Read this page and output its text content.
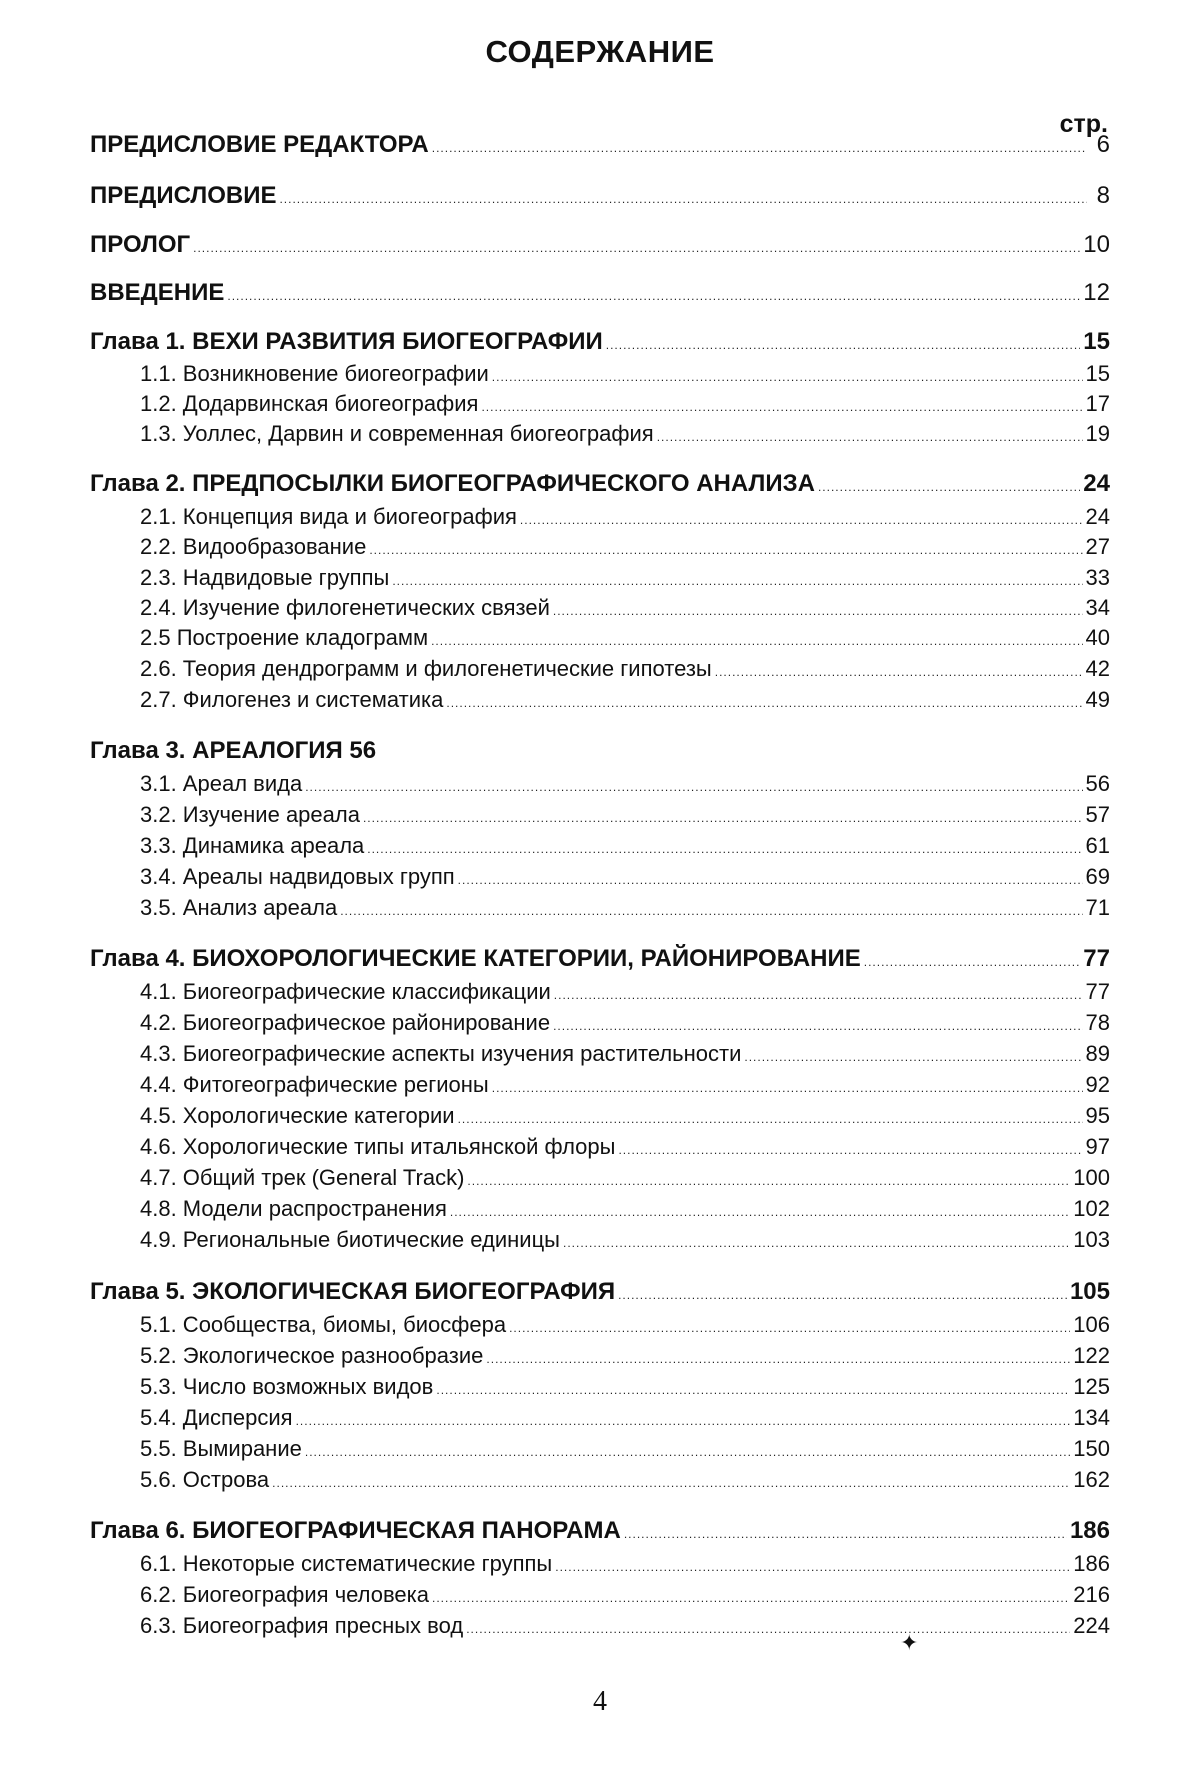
СОДЕРЖАНИЕ
стр.
ПРЕДИСЛОВИЕ РЕДАКТОРА
.....	6
ПРЕДИСЛОВИЕ
.....	8
ПРОЛОГ
.....	10
ВВЕДЕНИЕ
.....	12
Глава 1. ВЕХИ РАЗВИТИЯ БИОГЕОГРАФИИ
.....	15
1.1. Возникновение биогеографии
.....	15
1.2. Додарвинская биогеография
.....	17
1.3. Уоллес, Дарвин и современная биогеография
.....	19
Глава 2. ПРЕДПОСЫЛКИ БИОГЕОГРАФИЧЕСКОГО АНАЛИЗА
.....	24
2.1. Концепция вида и биогеография
.....	24
2.2. Видообразование
.....	27
2.3. Надвидовые группы
.....	33
2.4. Изучение филогенетических связей
.....	34
2.5 Построение кладограмм
.....	40
2.6. Теория дендрограмм и филогенетические гипотезы
.....	42
2.7. Филогенез и систематика
.....	49
Глава 3. АРЕАЛОГИЯ 56
3.1. Ареал вида
.....	56
3.2. Изучение ареала
.....	57
3.3. Динамика ареала
.....	61
3.4. Ареалы надвидовых групп
.....	69
3.5. Анализ ареала
.....	71
Глава 4. БИОХОРОЛОГИЧЕСКИЕ КАТЕГОРИИ, РАЙОНИРОВАНИЕ
.....	77
4.1. Биогеографические классификации
.....	77
4.2. Биогеографическое районирование
.....	78
4.3. Биогеографические аспекты изучения растительности
.....	89
4.4. Фитогеографические регионы
.....	92
4.5. Хорологические категории
.....	95
4.6. Хорологические типы итальянской флоры
.....	97
4.7. Общий трек (General Track)
.....	100
4.8. Модели распространения
.....	102
4.9. Региональные биотические единицы
.....	103
Глава 5. ЭКОЛОГИЧЕСКАЯ БИОГЕОГРАФИЯ
.....	105
5.1. Сообщества, биомы, биосфера
.....	106
5.2. Экологическое разнообразие
.....	122
5.3. Число возможных видов
.....	125
5.4. Дисперсия
.....	134
5.5. Вымирание
.....	150
5.6. Острова
.....	162
Глава 6. БИОГЕОГРАФИЧЕСКАЯ ПАНОРАМА
.....	186
6.1. Некоторые систематические группы
.....	186
6.2. Биогеография человека
.....	216
6.3. Биогеография пресных вод
.....	224
✦
4
